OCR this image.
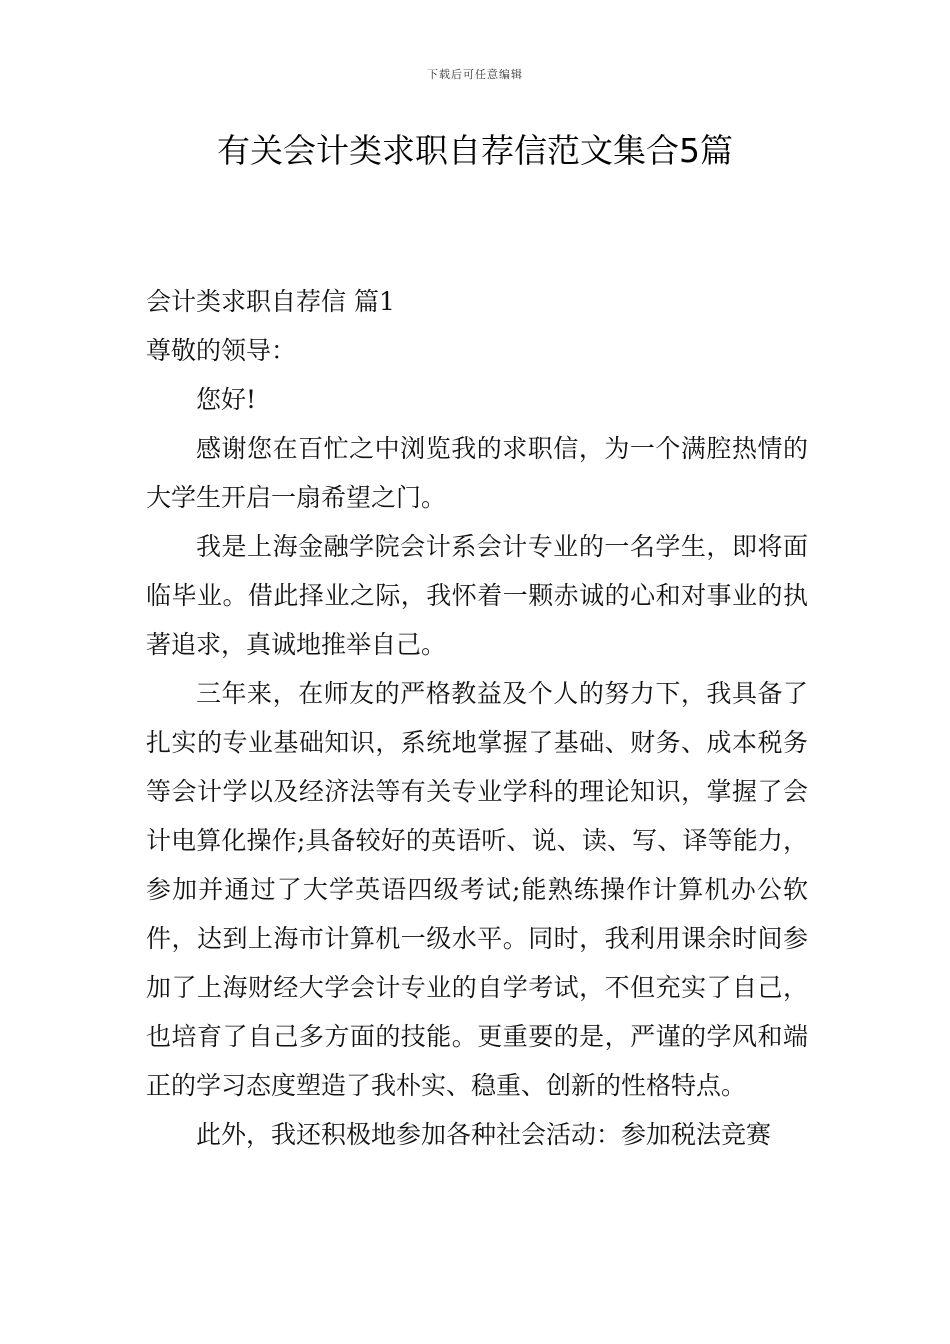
下载后可任意编辑
有关会计类求职自荐信范文集合5篇

会计类求职自荐信 篇1

尊敬的领导：

您好!

感谢您在百忙之中浏览我的求职信，为一个满腔热情的大学生开启一扇希望之门。

我是上海金融学院会计系会计专业的一名学生，即将面临毕业。借此择业之际，我怀着一颗赤诚的心和对事业的执著追求，真诚地推举自己。

三年来，在师友的严格教益及个人的努力下，我具备了扎实的专业基础知识，系统地掌握了基础、财务、成本税务等会计学以及经济法等有关专业学科的理论知识，掌握了会计电算化操作;具备较好的英语听、说、读、写、译等能力，参加并通过了大学英语四级考试;能熟练操作计算机办公软件，达到上海市计算机一级水平。同时，我利用课余时间参加了上海财经大学会计专业的自学考试，不但充实了自己，也培育了自己多方面的技能。更重要的是，严谨的学风和端正的学习态度塑造了我朴实、稳重、创新的性格特点。

此外，我还积极地参加各种社会活动：参加税法竞赛
